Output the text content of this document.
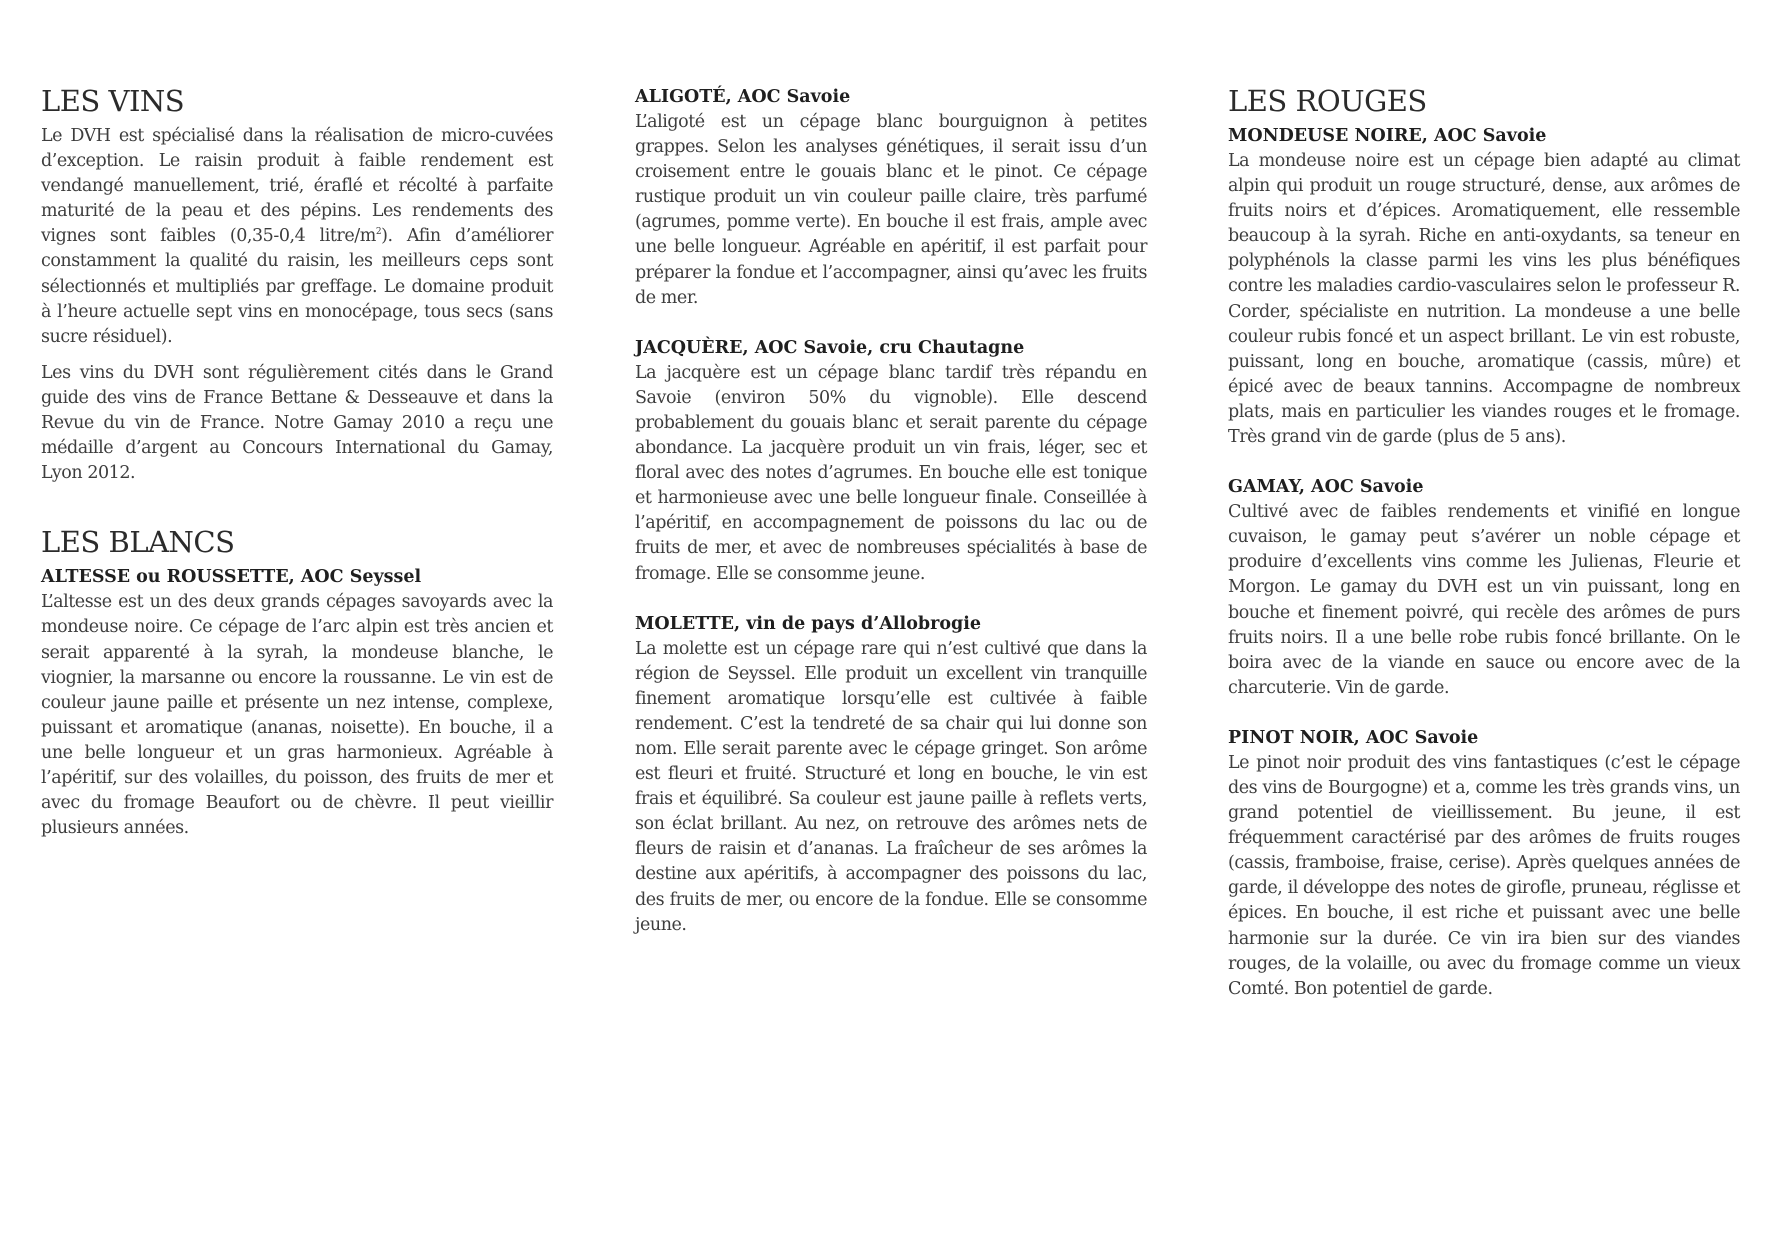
LES VINS

Le DVH est spécialisé dans la réalisation de micro-cuvées d’exception. Le raisin produit à faible rendement est vendangé manuellement, trié, éraflé et récolté à parfaite maturité de la peau et des pépins. Les rendements des vignes sont faibles (0,35-0,4 litre/$m^2$). Afin d’améliorer constamment la qualité du raisin, les meilleurs ceps sont sélectionnés et multipliés par greffage. Le domaine produit à l’heure actuelle sept vins en monocépage, tous secs (sans sucre résiduel).

Les vins du DVH sont régulièrement cités dans le Grand guide des vins de France Bettane & Desseauve et dans la Revue du vin de France. Notre Gamay 2010 a reçu une médaille d’argent au Concours International du Gamay, Lyon 2012.

LES BLANCS
ALTESSE ou ROUSSETTE, AOC Seyssel

L’altesse est un des deux grands cépages savoyards avec la mondeuse noire. Ce cépage de l’arc alpin est très ancien et serait apparenté à la syrah, la mondeuse blanche, le viognier, la marsanne ou encore la roussanne. Le vin est de couleur jaune paille et présente un nez intense, complexe, puissant et aromatique (ananas, noisette). En bouche, il a une belle longueur et un gras harmonieux. Agréable à l’apéritif, sur des volailles, du poisson, des fruits de mer et avec du fromage Beaufort ou de chèvre. Il peut vieillir plusieurs années.

ALIGOTÉ, AOC Savoie

L’aligoté est un cépage blanc bourguignon à petites grappes. Selon les analyses génétiques, il serait issu d’un croisement entre le gouais blanc et le pinot. Ce cépage rustique produit un vin couleur paille claire, très parfumé (agrumes, pomme verte). En bouche il est frais, ample avec une belle longueur. Agréable en apéritif, il est parfait pour préparer la fondue et l’accompagner, ainsi qu’avec les fruits de mer.

JACQUÈRE, AOC Savoie, cru Chautagne

La jacquère est un cépage blanc tardif très répandu en Savoie (environ 50% du vignoble). Elle descend probablement du gouais blanc et serait parente du cépage abondance. La jacquère produit un vin frais, léger, sec et floral avec des notes d’agrumes. En bouche elle est tonique et harmonieuse avec une belle longueur finale. Conseillée à l’apéritif, en accompagnement de poissons du lac ou de fruits de mer, et avec de nombreuses spécialités à base de fromage. Elle se consomme jeune.

MOLETTE, vin de pays d’Allobrogie

La molette est un cépage rare qui n’est cultivé que dans la région de Seyssel. Elle produit un excellent vin tranquille finement aromatique lorsqu’elle est cultivée à faible rendement. C’est la tendreté de sa chair qui lui donne son nom. Elle serait parente avec le cépage gringet. Son arôme est fleuri et fruité. Structuré et long en bouche, le vin est frais et équilibré. Sa couleur est jaune paille à reflets verts, son éclat brillant. Au nez, on retrouve des arômes nets de fleurs de raisin et d’ananas. La fraîcheur de ses arômes la destine aux apéritifs, à accompagner des poissons du lac, des fruits de mer, ou encore de la fondue. Elle se consomme jeune.

LES ROUGES
MONDEUSE NOIRE, AOC Savoie

La mondeuse noire est un cépage bien adapté au climat alpin qui produit un rouge structuré, dense, aux arômes de fruits noirs et d’épices. Aromatiquement, elle ressemble beaucoup à la syrah. Riche en anti-oxydants, sa teneur en polyphénols la classe parmi les vins les plus bénéfiques contre les maladies cardio-vasculaires selon le professeur R. Corder, spécialiste en nutrition. La mondeuse a une belle couleur rubis foncé et un aspect brillant. Le vin est robuste, puissant, long en bouche, aromatique (cassis, mûre) et épicé avec de beaux tannins. Accompagne de nombreux plats, mais en particulier les viandes rouges et le fromage. Très grand vin de garde (plus de 5 ans).

GAMAY, AOC Savoie

Cultivé avec de faibles rendements et vinifié en longue cuvaison, le gamay peut s’avérer un noble cépage et produire d’excellents vins comme les Julienas, Fleurie et Morgon. Le gamay du DVH est un vin puissant, long en bouche et finement poivré, qui recèle des arômes de purs fruits noirs. Il a une belle robe rubis foncé brillante. On le boira avec de la viande en sauce ou encore avec de la charcuterie. Vin de garde.

PINOT NOIR, AOC Savoie

Le pinot noir produit des vins fantastiques (c’est le cépage des vins de Bourgogne) et a, comme les très grands vins, un grand potentiel de vieillissement. Bu jeune, il est fréquemment caractérisé par des arômes de fruits rouges (cassis, framboise, fraise, cerise). Après quelques années de garde, il développe des notes de girofle, pruneau, réglisse et épices. En bouche, il est riche et puissant avec une belle harmonie sur la durée. Ce vin ira bien sur des viandes rouges, de la volaille, ou avec du fromage comme un vieux Comté. Bon potentiel de garde.
